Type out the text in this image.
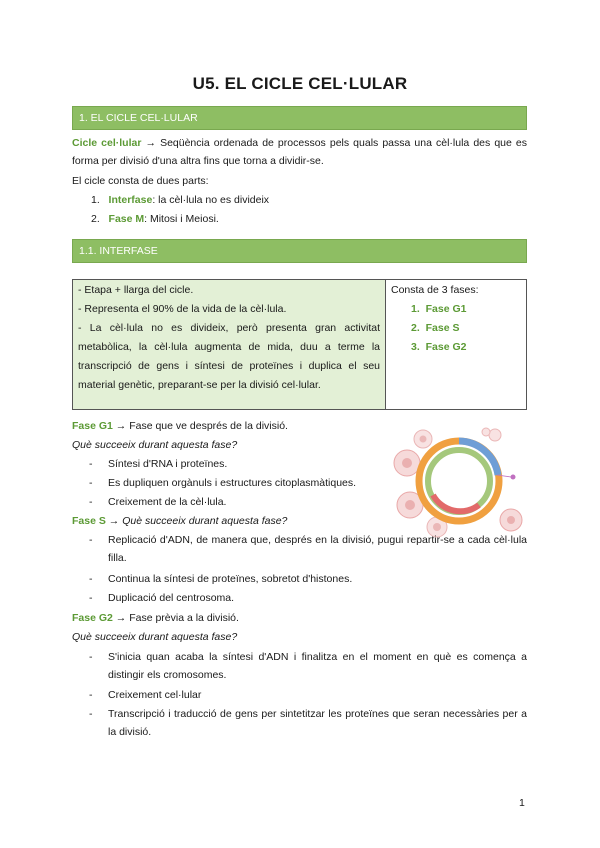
U5. EL CICLE CEL·LULAR
1. EL CICLE CEL·LULAR

Cicle cel·lular → Seqüència ordenada de processos pels quals passa una cèl·lula des que es forma per divisió d'una altra fins que torna a dividir-se.

El cicle consta de dues parts:

1. Interfase: la cèl·lula no es divideix

2. Fase M: Mitosi i Meiosi.

1.1. INTERFASE

- Etapa + llarga del cicle.

- Representa el 90% de la vida de la cèl·lula.

- La cèl·lula no es divideix, però presenta gran activitat metabòlica, la cèl·lula augmenta de mida, duu a terme la transcripció de gens i síntesi de proteïnes i duplica el seu material genètic, preparant-se per la divisió cel·lular.

Consta de 3 fases:
1. Fase G1
2. Fase S
3. Fase G2

Fase G1 → Fase que ve després de la divisió.

Què succeeix durant aquesta fase?

- Síntesi d'RNA i proteïnes.

- Es dupliquen orgànuls i estructures citoplasmàtiques.

- Creixement de la cèl·lula.

Fase S → Què succeeix durant aquesta fase?

- Replicació d'ADN, de manera que, després en la divisió, pugui repartir-se a cada cèl·lula filla.

- Continua la síntesi de proteïnes, sobretot d'histones.

- Duplicació del centrosoma.

Fase G2 → Fase prèvia a la divisió.

Què succeeix durant aquesta fase?

- S'inicia quan acaba la síntesi d'ADN i finalitza en el moment en què es comença a distingir els cromosomes.

- Creixement cel·lular

- Transcripció i traducció de gens per sintetitzar les proteïnes que seran necessàries per a la divisió.

1
